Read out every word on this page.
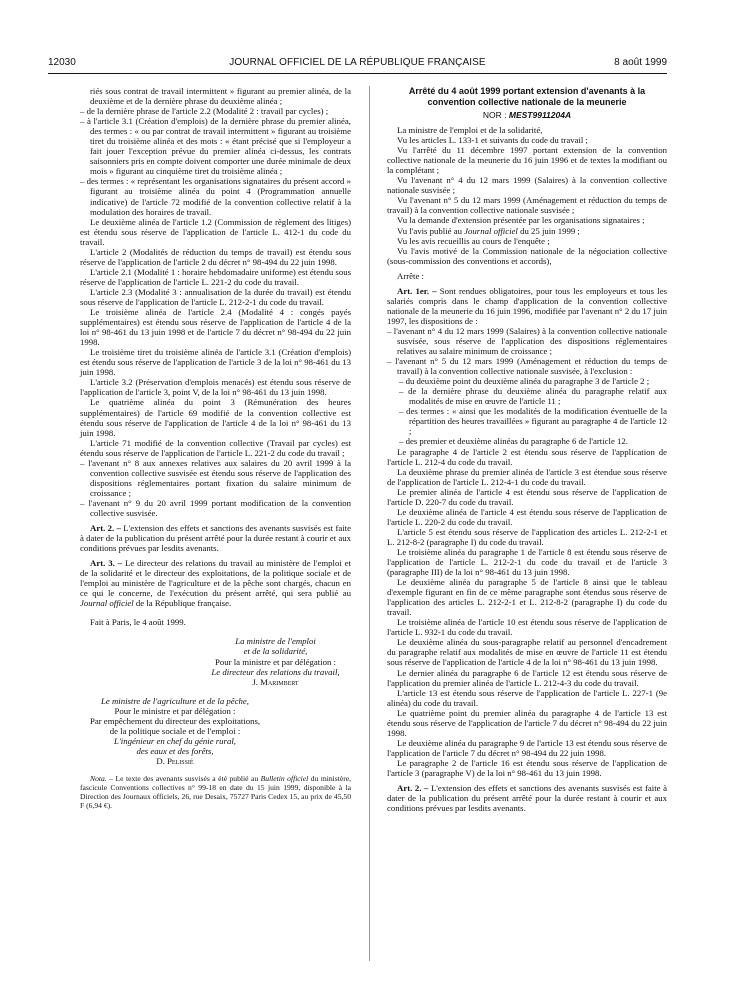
12030	JOURNAL OFFICIEL DE LA RÉPUBLIQUE FRANÇAISE	8 août 1999

riés sous contrat de travail intermittent » figurant au premier alinéa, de la deuxième et de la dernière phrase du deuxième alinéa ;

– de la dernière phrase de l'article 2.2 (Modalité 2 : travail par cycles) ;

– à l'article 3.1 (Création d'emplois) de la dernière phrase du premier alinéa, des termes : « ou par contrat de travail intermittent » figurant au troisième tiret du troisième alinéa et des mots : « étant précisé que si l'employeur a fait jouer l'exception prévue du premier alinéa ci-dessus, les contrats saisonniers pris en compte doivent comporter une durée minimale de deux mois » figurant au cinquième tiret du troisième alinéa ;

– des termes : « représentant les organisations signataires du présent accord » figurant au troisième alinéa du point 4 (Programmation annuelle indicative) de l'article 72 modifié de la convention collective relatif à la modulation des horaires de travail.

Le deuxième alinéa de l'article 1.2 (Commission de règlement des litiges) est étendu sous réserve de l'application de l'article L. 412-1 du code du travail.

L'article 2 (Modalités de réduction du temps de travail) est étendu sous réserve de l'application de l'article 2 du décret n° 98-494 du 22 juin 1998.

L'article 2.1 (Modalité 1 : horaire hebdomadaire uniforme) est étendu sous réserve de l'application de l'article L. 221-2 du code du travail.

L'article 2.3 (Modalité 3 : annualisation de la durée du travail) est étendu sous réserve de l'application de l'article L. 212-2-1 du code du travail.

Le troisième alinéa de l'article 2.4 (Modalité 4 : congés payés supplémentaires) est étendu sous réserve de l'application de l'article 4 de la loi n° 98-461 du 13 juin 1998 et de l'article 7 du décret n° 98-494 du 22 juin 1998.

Le troisième tiret du troisième alinéa de l'article 3.1 (Création d'emplois) est étendu sous réserve de l'application de l'article 3 de la loi n° 98-461 du 13 juin 1998.

L'article 3.2 (Préservation d'emplois menacés) est étendu sous réserve de l'application de l'article 3, point V, de la loi n° 98-461 du 13 juin 1998.

Le quatrième alinéa du point 3 (Rémunération des heures supplémentaires) de l'article 69 modifié de la convention collective est étendu sous réserve de l'application de l'article 4 de la loi n° 98-461 du 13 juin 1998.

L'article 71 modifié de la convention collective (Travail par cycles) est étendu sous réserve de l'application de l'article L. 221-2 du code du travail ;

– l'avenant n° 8 aux annexes relatives aux salaires du 20 avril 1999 à la convention collective susvisée est étendu sous réserve de l'application des dispositions réglementaires portant fixation du salaire minimum de croissance ;

– l'avenant n° 9 du 20 avril 1999 portant modification de la convention collective susvisée.

Art. 2. – L'extension des effets et sanctions des avenants susvisés est faite à dater de la publication du présent arrêté pour la durée restant à courir et aux conditions prévues par lesdits avenants.

Art. 3. – Le directeur des relations du travail au ministère de l'emploi et de la solidarité et le directeur des exploitations, de la politique sociale et de l'emploi au ministère de l'agriculture et de la pêche sont chargés, chacun en ce qui le concerne, de l'exécution du présent arrêté, qui sera publié au Journal officiel de la République française.

Fait à Paris, le 4 août 1999.

La ministre de l'emploi

et de la solidarité,

Pour la ministre et par délégation :

Le directeur des relations du travail,

J. Marimbert

Le ministre de l'agriculture et de la pêche,

Pour le ministre et par délégation :

Par empêchement du directeur des exploitations,

de la politique sociale et de l'emploi :

L'ingénieur en chef du génie rural,

des eaux et des forêts,

D. Pelissié

Nota. – Le texte des avenants susvisés a été publié au Bulletin officiel du ministère, fascicule Conventions collectives n° 99-18 en date du 15 juin 1999, disponible à la Direction des Journaux officiels, 26, rue Desaix, 75727 Paris Cedex 15, au prix de 45,50 F (6,94 €).

Arrêté du 4 août 1999 portant extension d'avenants à la convention collective nationale de la meunerie

NOR : MEST9911204A

La ministre de l'emploi et de la solidarité,

Vu les articles L. 133-1 et suivants du code du travail ;

Vu l'arrêté du 11 décembre 1997 portant extension de la convention collective nationale de la meunerie du 16 juin 1996 et de textes la modifiant ou la complétant ;

Vu l'avenant n° 4 du 12 mars 1999 (Salaires) à la convention collective nationale susvisée ;

Vu l'avenant n° 5 du 12 mars 1999 (Aménagement et réduction du temps de travail) à la convention collective nationale susvisée ;

Vu la demande d'extension présentée par les organisations signataires ;

Vu l'avis publié au Journal officiel du 25 juin 1999 ;

Vu les avis recueillis au cours de l'enquête ;

Vu l'avis motivé de la Commission nationale de la négociation collective (sous-commission des conventions et accords),

Arrête :

Art. 1er. – Sont rendues obligatoires, pour tous les employeurs et tous les salariés compris dans le champ d'application de la convention collective nationale de la meunerie du 16 juin 1996, modifiée par l'avenant n° 2 du 17 juin 1997, les dispositions de :

– l'avenant n° 4 du 12 mars 1999 (Salaires) à la convention collective nationale susvisée, sous réserve de l'application des dispositions réglementaires relatives au salaire minimum de croissance ;

– l'avenant n° 5 du 12 mars 1999 (Aménagement et réduction du temps de travail) à la convention collective nationale susvisée, à l'exclusion :

– du deuxième point du deuxième alinéa du paragraphe 3 de l'article 2 ;

– de la dernière phrase du deuxième alinéa du paragraphe relatif aux modalités de mise en œuvre de l'article 11 ;

– des termes : « ainsi que les modalités de la modification éventuelle de la répartition des heures travaillées » figurant au paragraphe 4 de l'article 12 ;

– des premier et deuxième alinéas du paragraphe 6 de l'article 12.

Le paragraphe 4 de l'article 2 est étendu sous réserve de l'application de l'article L. 212-4 du code du travail.

La deuxième phrase du premier alinéa de l'article 3 est étendue sous réserve de l'application de l'article L. 212-4-1 du code du travail.

Le premier alinéa de l'article 4 est étendu sous réserve de l'application de l'article D. 220-7 du code du travail.

Le deuxième alinéa de l'article 4 est étendu sous réserve de l'application de l'article L. 220-2 du code du travail.

L'article 5 est étendu sous réserve de l'application des articles L. 212-2-1 et L. 212-8-2 (paragraphe I) du code du travail.

Le troisième alinéa du paragraphe 1 de l'article 8 est étendu sous réserve de l'application de l'article L. 212-2-1 du code du travail et de l'article 3 (paragraphe III) de la loi n° 98-461 du 13 juin 1998.

Le deuxième alinéa du paragraphe 5 de l'article 8 ainsi que le tableau d'exemple figurant en fin de ce même paragraphe sont étendus sous réserve de l'application des articles L. 212-2-1 et L. 212-8-2 (paragraphe I) du code du travail.

Le troisième alinéa de l'article 10 est étendu sous réserve de l'application de l'article L. 932-1 du code du travail.

Le deuxième alinéa du sous-paragraphe relatif au personnel d'encadrement du paragraphe relatif aux modalités de mise en œuvre de l'article 11 est étendu sous réserve de l'application de l'article 4 de la loi n° 98-461 du 13 juin 1998.

Le dernier alinéa du paragraphe 6 de l'article 12 est étendu sous réserve de l'application du premier alinéa de l'article L. 212-4-3 du code du travail.

L'article 13 est étendu sous réserve de l'application de l'article L. 227-1 (9e alinéa) du code du travail.

Le quatrième point du premier alinéa du paragraphe 4 de l'article 13 est étendu sous réserve de l'application de l'article 7 du décret n° 98-494 du 22 juin 1998.

Le deuxième alinéa du paragraphe 9 de l'article 13 est étendu sous réserve de l'application de l'article 7 du décret n° 98-494 du 22 juin 1998.

Le paragraphe 2 de l'article 16 est étendu sous réserve de l'application de l'article 3 (paragraphe V) de la loi n° 98-461 du 13 juin 1998.

Art. 2. – L'extension des effets et sanctions des avenants susvisés est faite à dater de la publication du présent arrêté pour la durée restant à courir et aux conditions prévues par lesdits avenants.
